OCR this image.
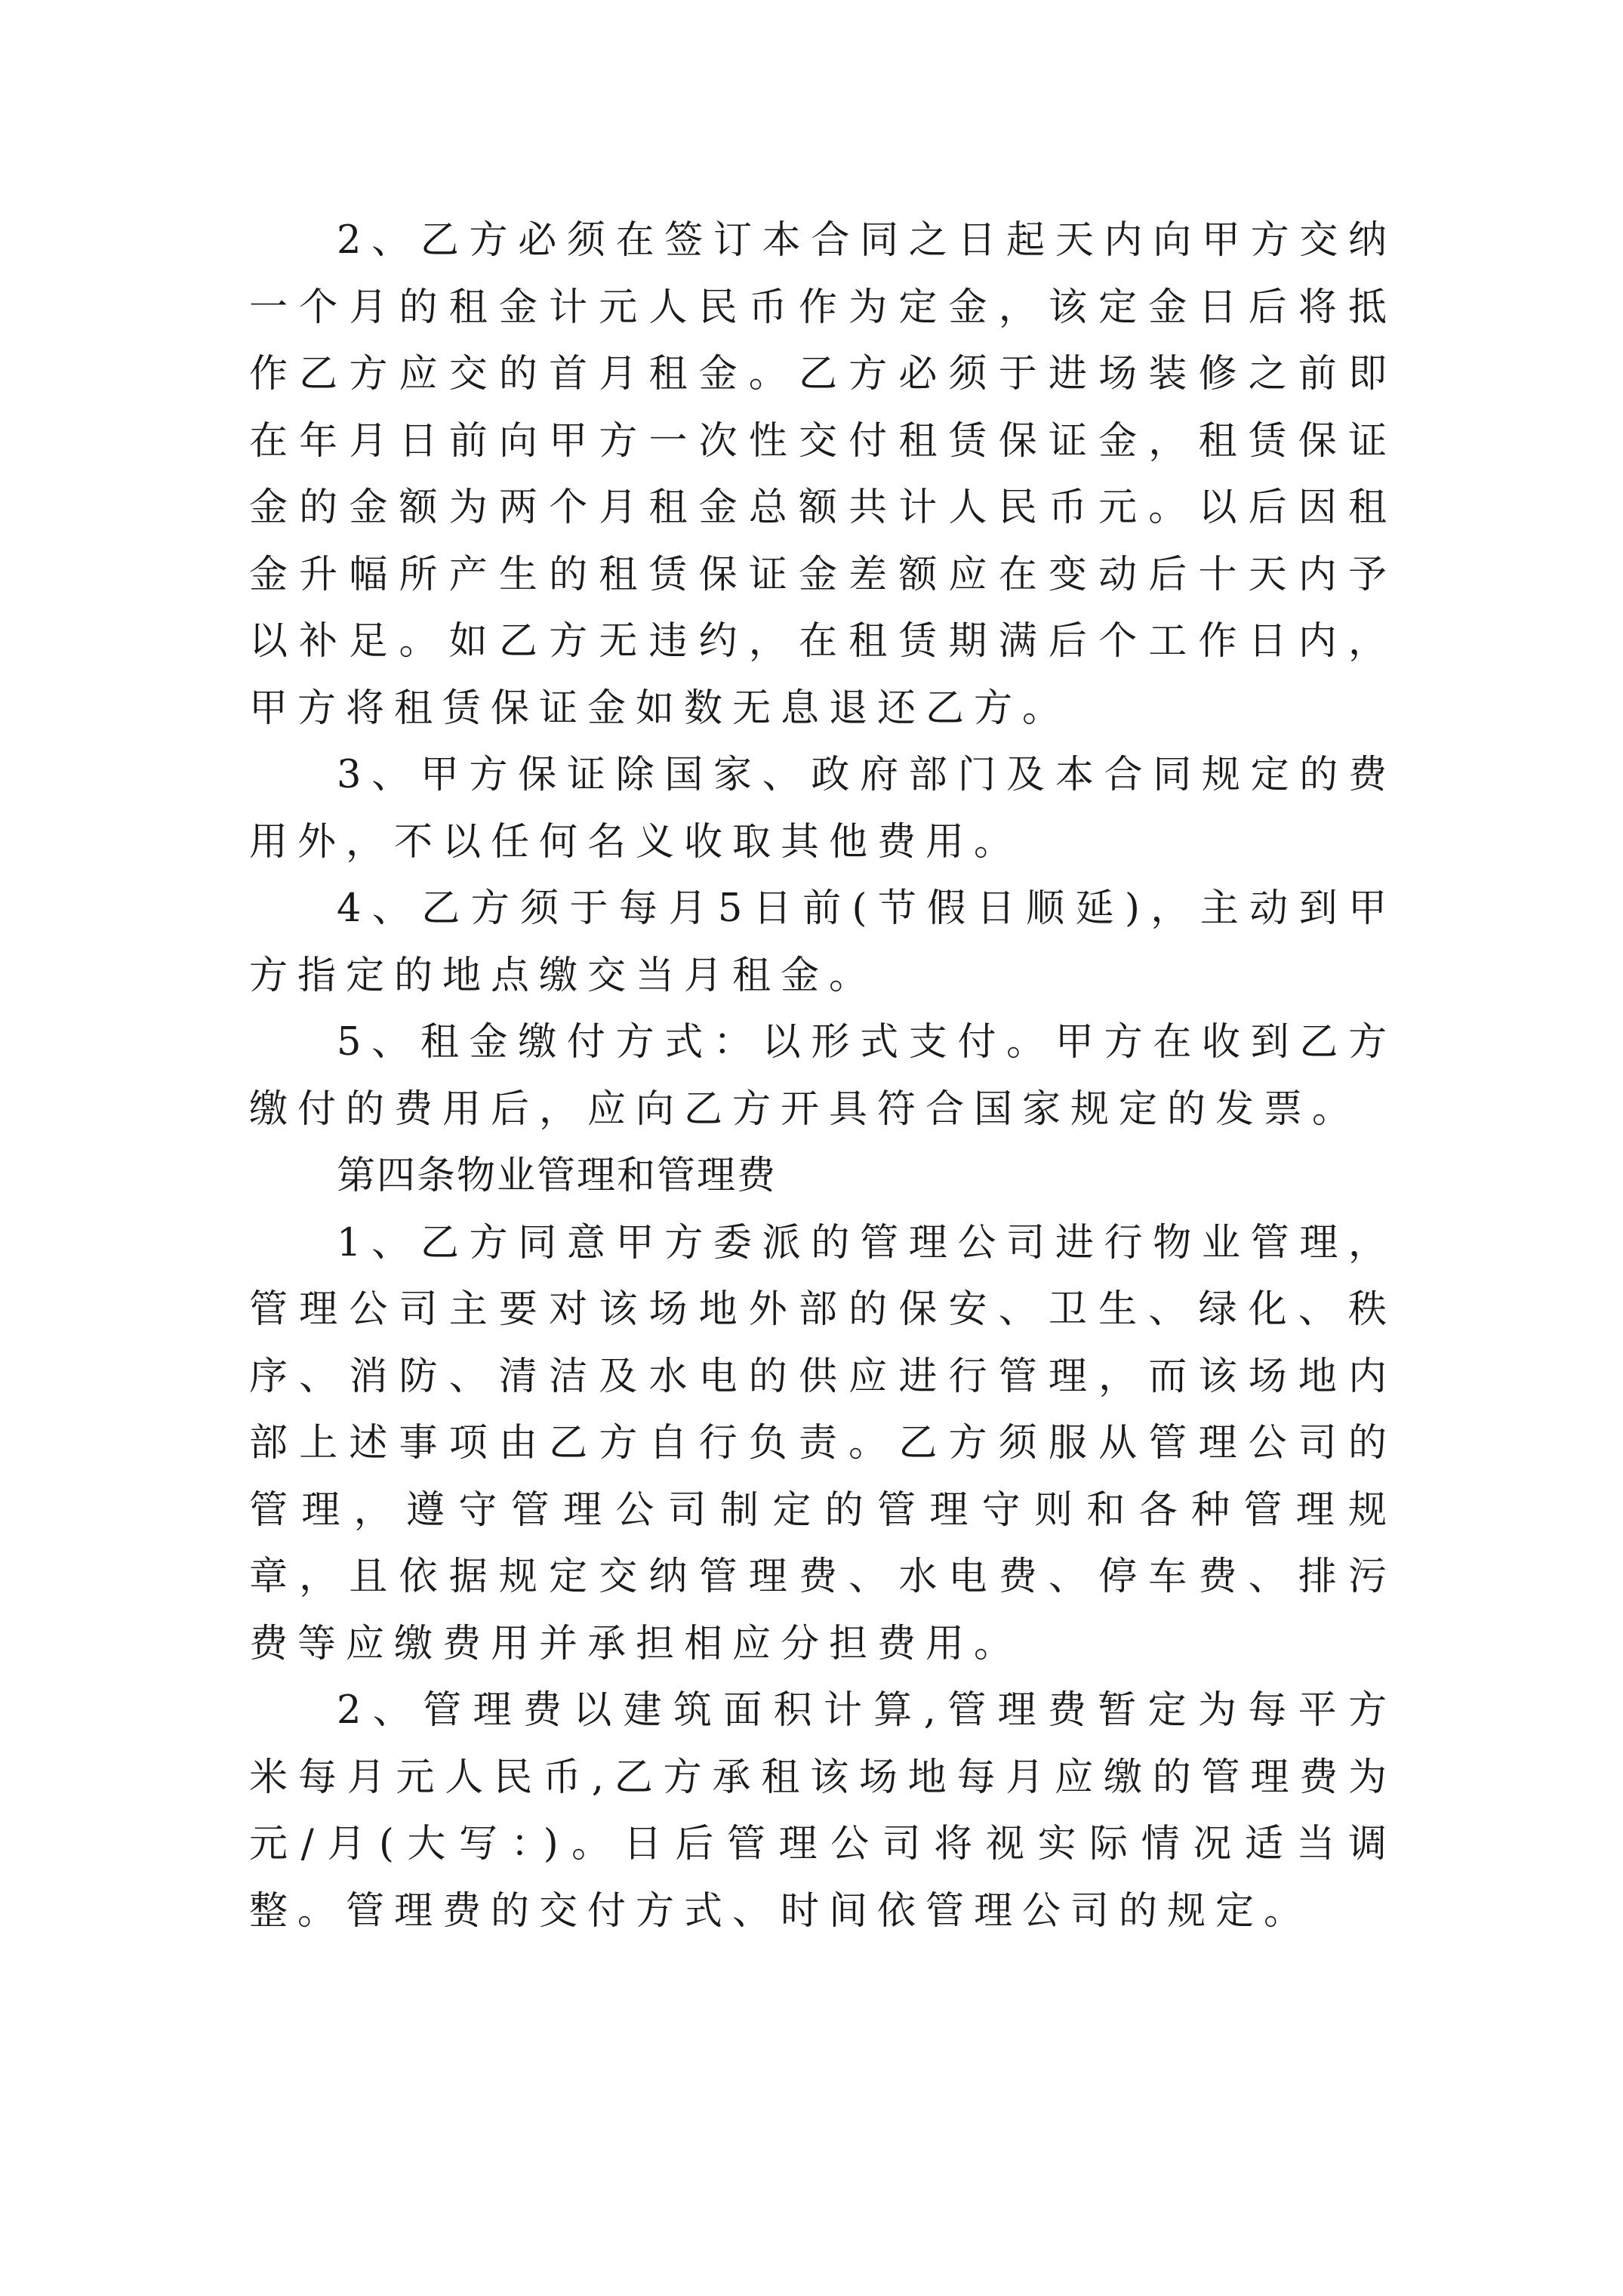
2、乙方必须在签订本合同之日起天内向甲方交纳一个月的租金计元人民币作为定金，该定金日后将抵作乙方应交的首月租金。乙方必须于进场装修之前即在年月日前向甲方一次性交付租赁保证金，租赁保证金的金额为两个月租金总额共计人民币元。以后因租金升幅所产生的租赁保证金差额应在变动后十天内予以补足。如乙方无违约，在租赁期满后个工作日内，甲方将租赁保证金如数无息退还乙方。

3、甲方保证除国家、政府部门及本合同规定的费用外，不以任何名义收取其他费用。

4、乙方须于每月5日前(节假日顺延)，主动到甲方指定的地点缴交当月租金。

5、租金缴付方式：以形式支付。甲方在收到乙方缴付的费用后，应向乙方开具符合国家规定的发票。

第四条物业管理和管理费

1、乙方同意甲方委派的管理公司进行物业管理，管理公司主要对该场地外部的保安、卫生、绿化、秩序、消防、清洁及水电的供应进行管理，而该场地内部上述事项由乙方自行负责。乙方须服从管理公司的管理，遵守管理公司制定的管理守则和各种管理规章，且依据规定交纳管理费、水电费、停车费、排污费等应缴费用并承担相应分担费用。

2、管理费以建筑面积计算,管理费暂定为每平方米每月元人民币,乙方承租该场地每月应缴的管理费为元/月(大写：)。日后管理公司将视实际情况适当调整。管理费的交付方式、时间依管理公司的规定。
